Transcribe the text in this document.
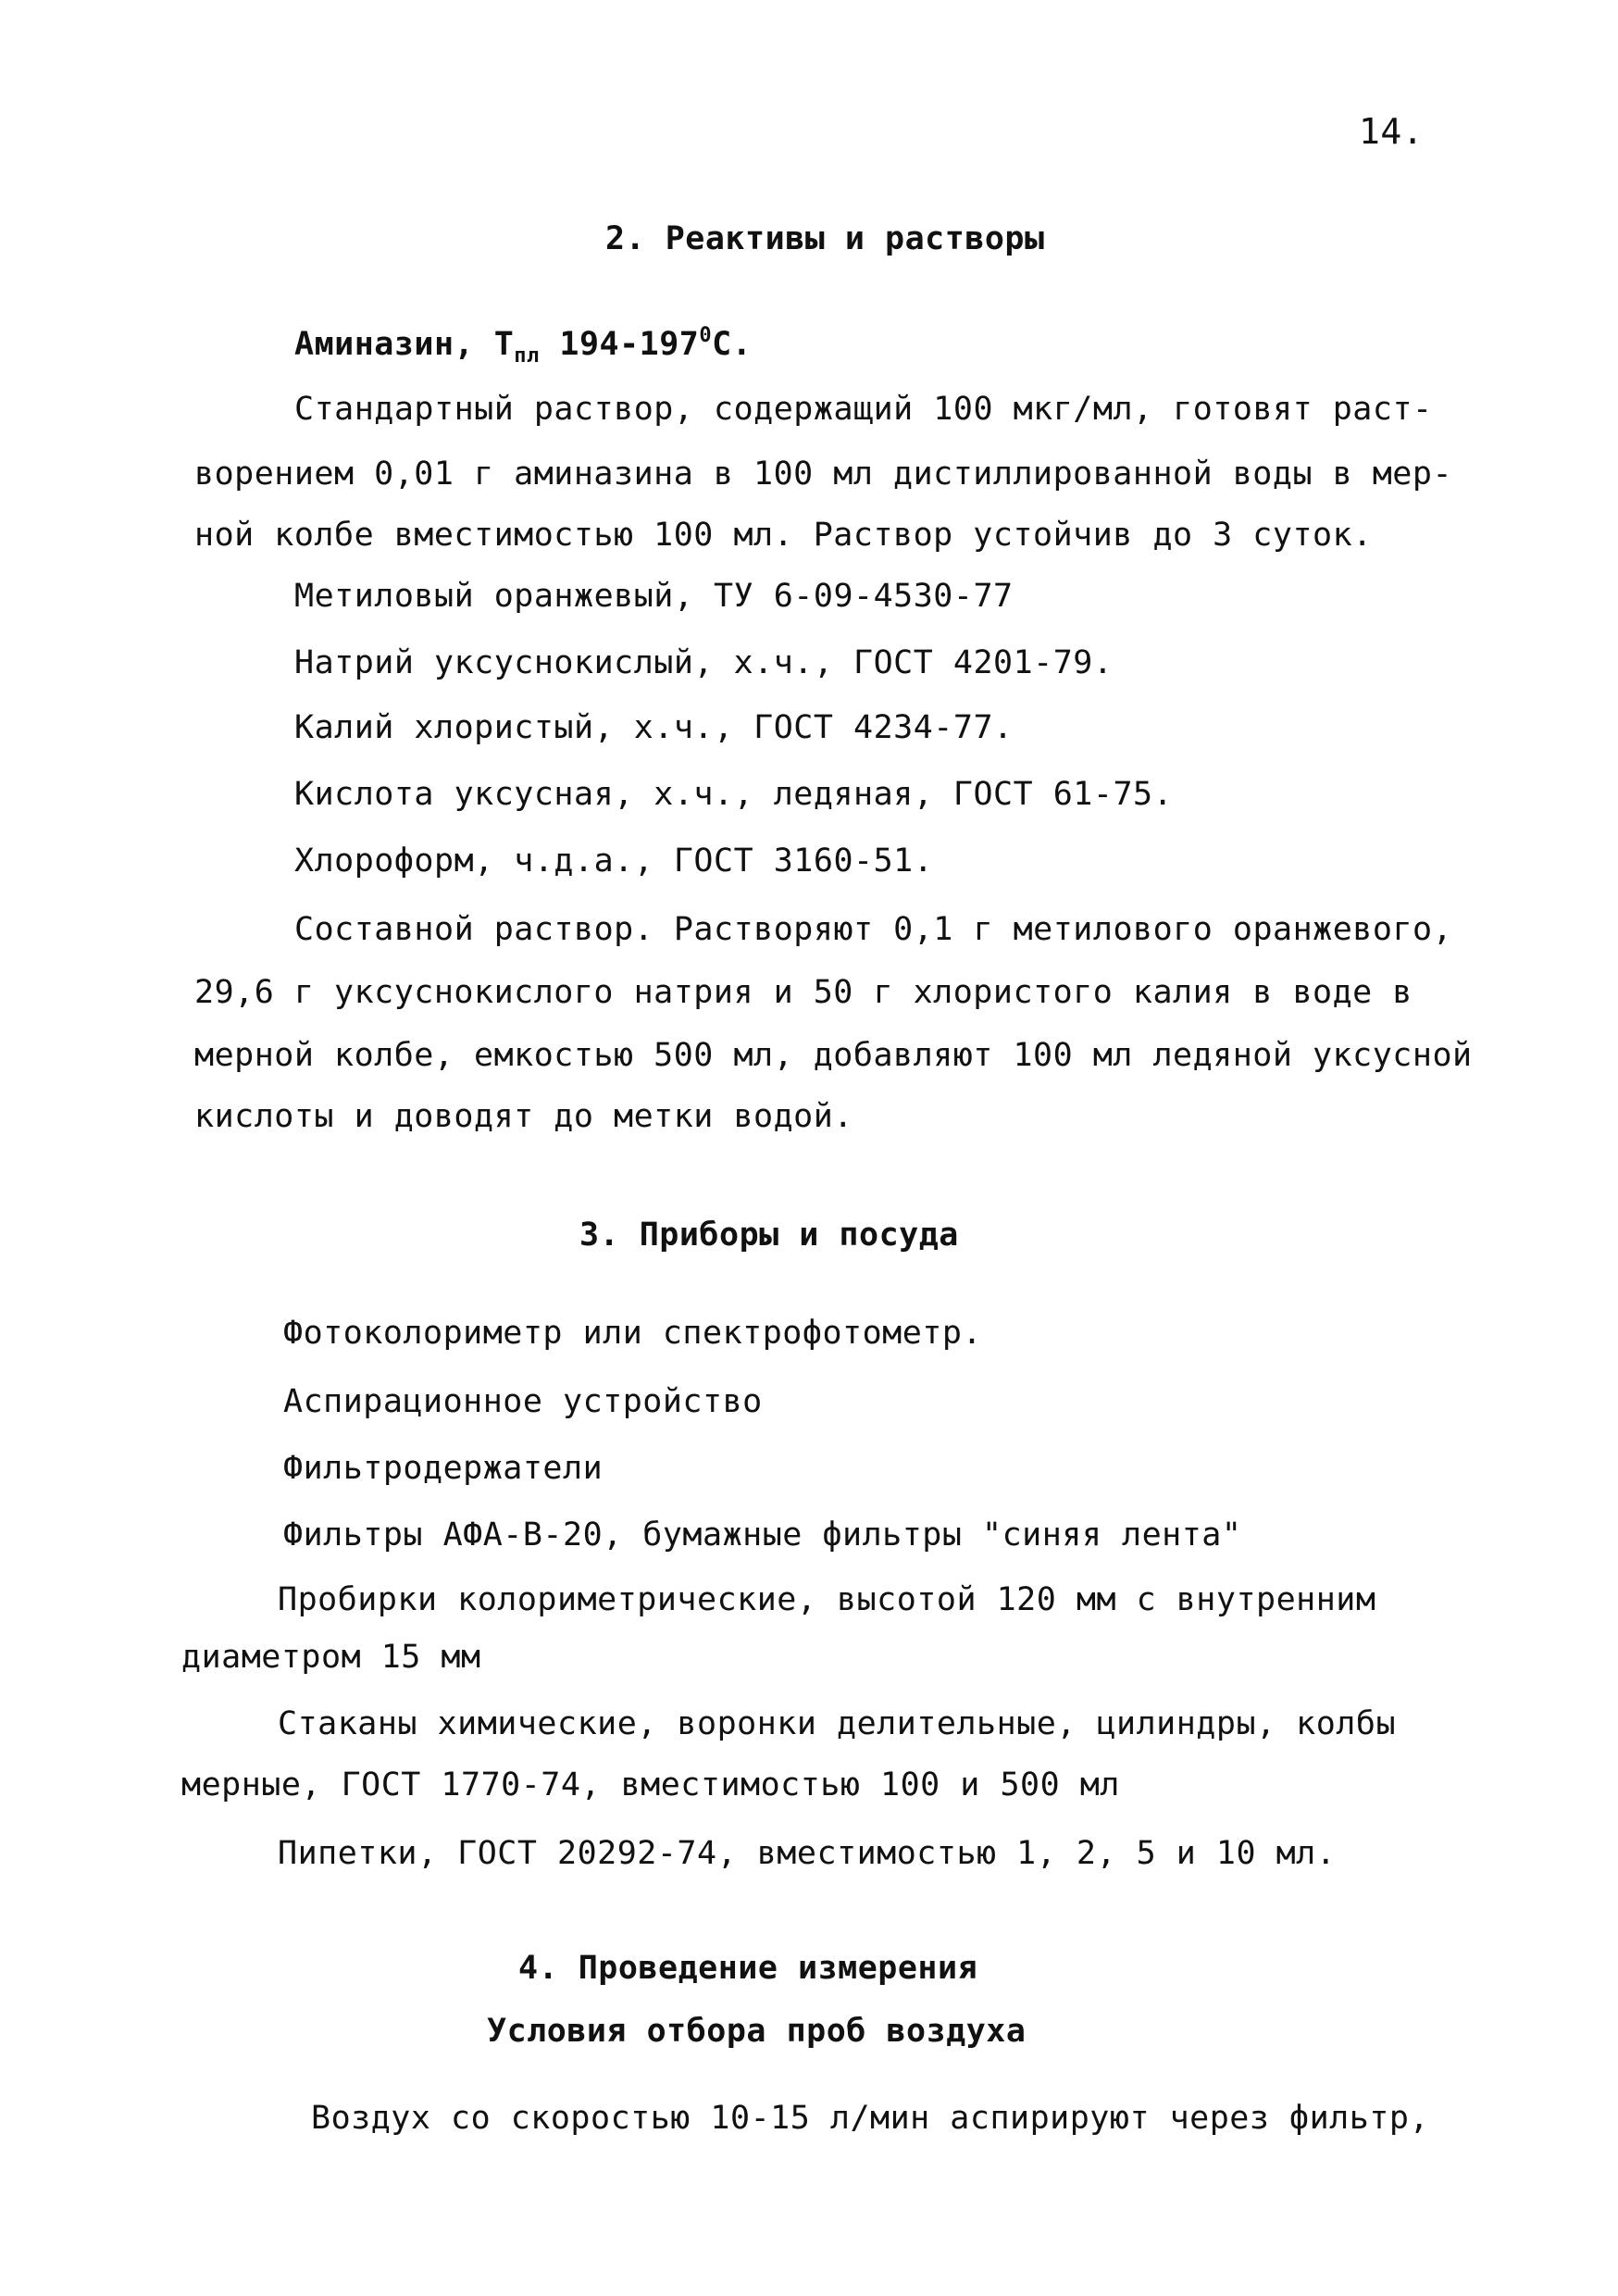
14.
2. Реактивы и растворы
Аминазин, $Т_{пл}$ $194-197^0С$.
Стандартный раствор, содержащий 100 мкг/мл, готовят раст-
ворением 0,01 г аминазина в 100 мл дистиллированной воды в мер-
ной колбе вместимостью 100 мл. Раствор устойчив до 3 суток.
Метиловый оранжевый, ТУ 6-09-4530-77
Натрий уксуснокислый, х.ч., ГОСТ 4201-79.
Калий хлористый, х.ч., ГОСТ 4234-77.
Кислота уксусная, х.ч., ледяная, ГОСТ 61-75.
Хлороформ, ч.д.а., ГОСТ 3160-51.
Составной раствор. Растворяют 0,1 г метилового оранжевого,
29,6 г уксуснокислого натрия и 50 г хлористого калия в воде в
мерной колбе, емкостью 500 мл, добавляют 100 мл ледяной уксусной
кислоты и доводят до метки водой.
3. Приборы и посуда
Фотоколориметр или спектрофотометр.
Аспирационное устройство
Фильтродержатели
Фильтры АФА-В-20, бумажные фильтры "синяя лента"
Пробирки колориметрические, высотой 120 мм с внутренним
диаметром 15 мм
Стаканы химические, воронки делительные, цилиндры, колбы
мерные, ГОСТ 1770-74, вместимостью 100 и 500 мл
Пипетки, ГОСТ 20292-74, вместимостью 1, 2, 5 и 10 мл.
4. Проведение измерения
Условия отбора проб воздуха
Воздух со скоростью 10-15 л/мин аспирируют через фильтр,
